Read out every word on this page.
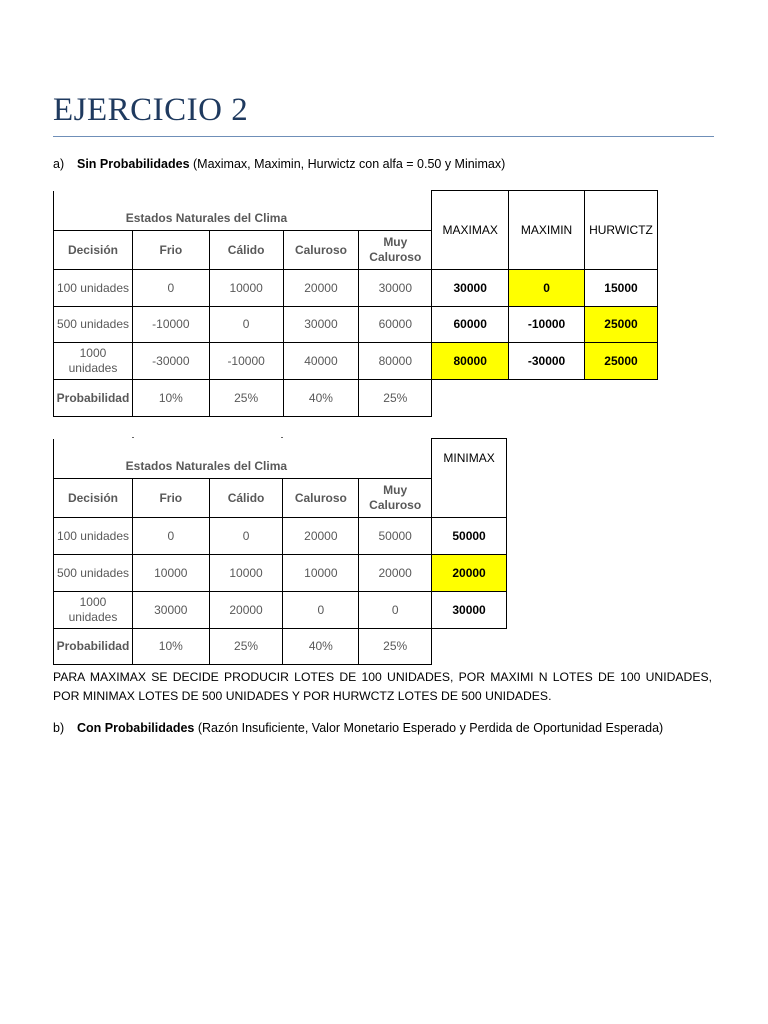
EJERCICIO 2
a) Sin Probabilidades (Maximax, Maximin, Hurwictz con alfa = 0.50 y Minimax)
Estados Naturales del Clima					MAXIMAX	MAXIMIN	HURWICTZ
Decisión	Frio	Cálido	Caluroso	Muy Caluroso			
100 unidades	0	10000	20000	30000	30000	0	15000
500 unidades	-10000	0	30000	60000	60000	-10000	25000
1000 unidades	-30000	-10000	40000	80000	80000	-30000	25000
Probabilidad	10%	25%	40%	25%			
Estados Naturales del Clima					MINIMAX
Decisión	Frio	Cálido	Caluroso	Muy Caluroso	
100 unidades	0	0	20000	50000	50000
500 unidades	10000	10000	10000	20000	20000
1000 unidades	30000	20000	0	0	30000
Probabilidad	10%	25%	40%	25%	

PARA MAXIMAX SE DECIDE PRODUCIR LOTES DE 100 UNIDADES, POR MAXIMI N LOTES DE 100 UNIDADES, POR MINIMAX LOTES DE 500 UNIDADES Y POR HURWCTZ LOTES DE 500 UNIDADES.

b) Con Probabilidades (Razón Insuficiente, Valor Monetario Esperado y Perdida de Oportunidad Esperada)
